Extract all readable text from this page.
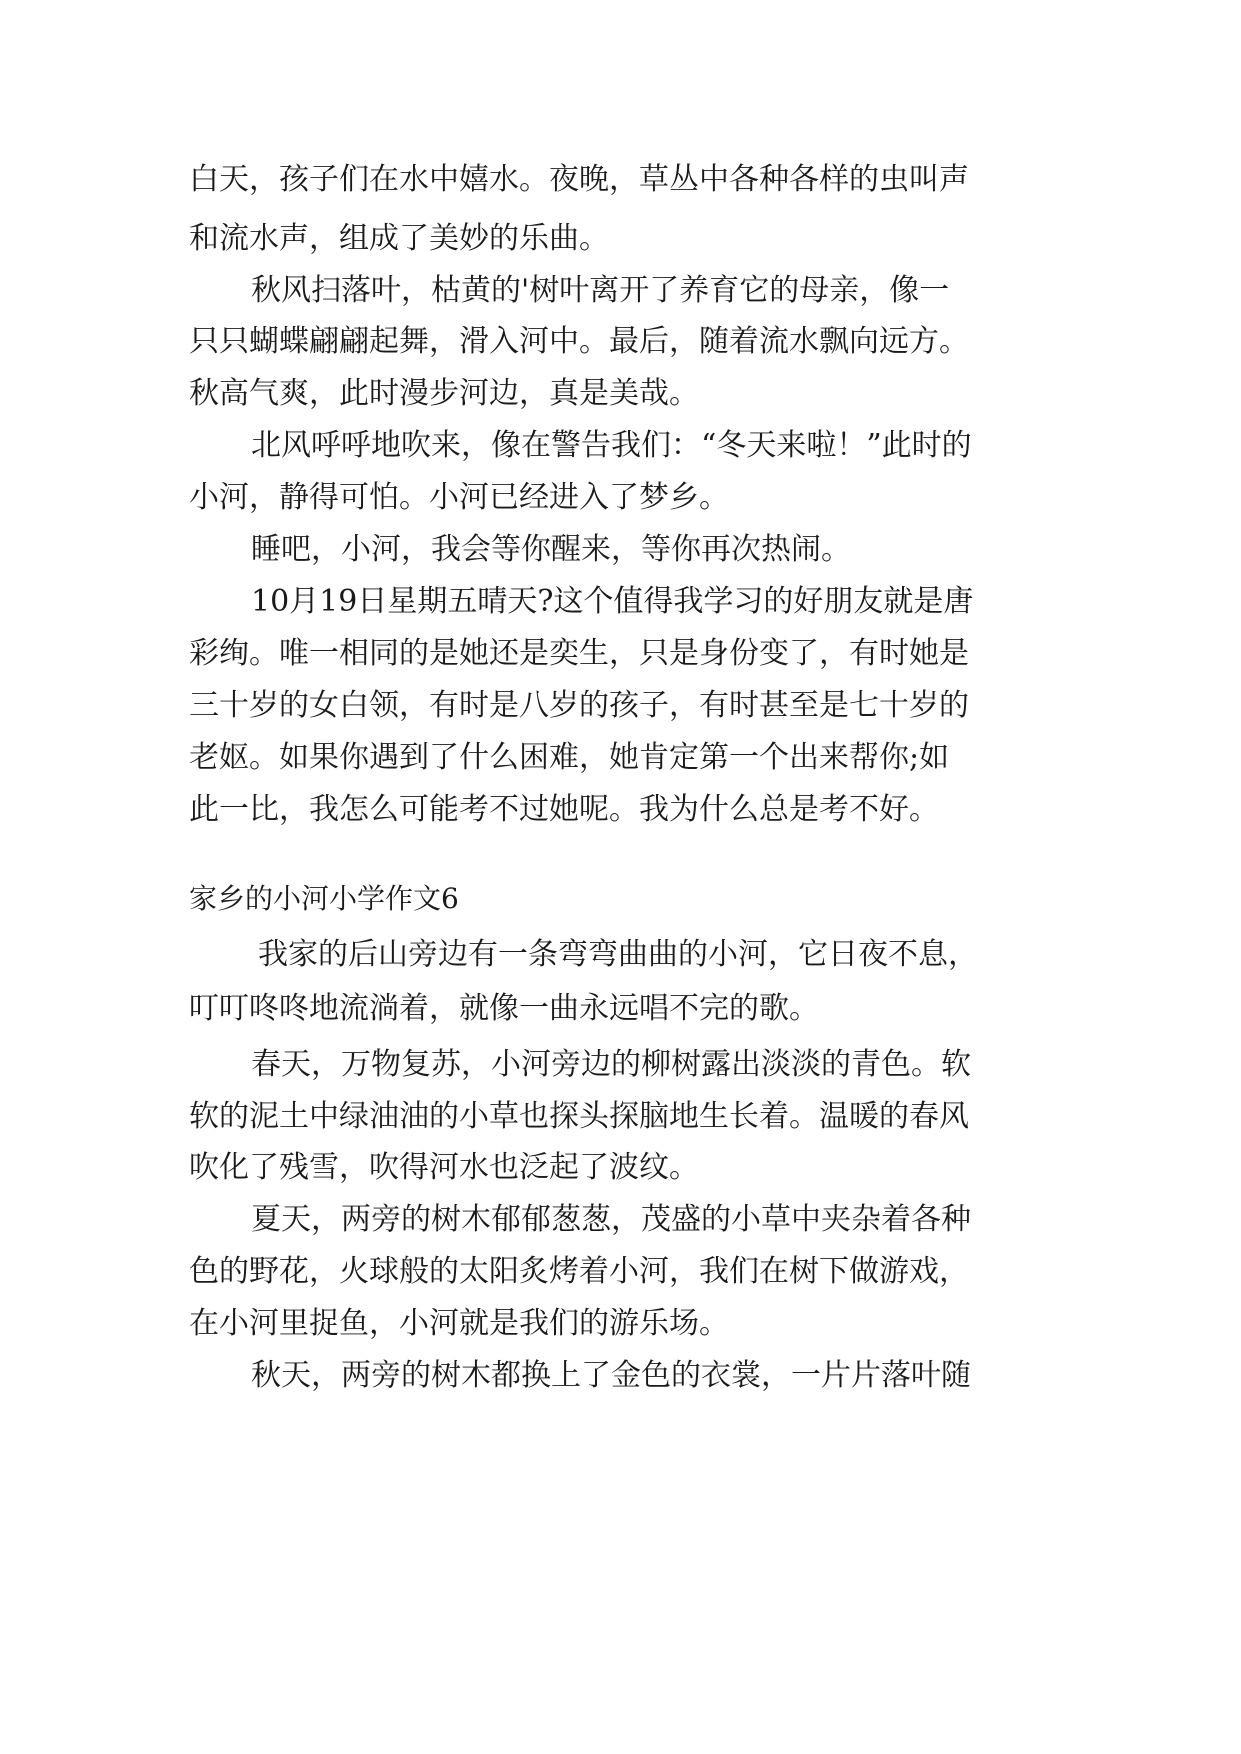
白天，孩子们在水中嬉水。夜晚，草丛中各种各样的虫叫声
和流水声，组成了美妙的乐曲。
秋风扫落叶，枯黄的'树叶离开了养育它的母亲，像一
只只蝴蝶翩翩起舞，滑入河中。最后，随着流水飘向远方。
秋高气爽，此时漫步河边，真是美哉。
北风呼呼地吹来，像在警告我们：“冬天来啦！”此时的
小河，静得可怕。小河已经进入了梦乡。
睡吧，小河，我会等你醒来，等你再次热闹。
10月19日星期五晴天?这个值得我学习的好朋友就是唐
彩绚。唯一相同的是她还是奕生，只是身份变了，有时她是
三十岁的女白领，有时是八岁的孩子，有时甚至是七十岁的
老妪。如果你遇到了什么困难，她肯定第一个出来帮你;如
此一比，我怎么可能考不过她呢。我为什么总是考不好。
家乡的小河小学作文6
我家的后山旁边有一条弯弯曲曲的小河，它日夜不息，
叮叮咚咚地流淌着，就像一曲永远唱不完的歌。
春天，万物复苏，小河旁边的柳树露出淡淡的青色。软
软的泥土中绿油油的小草也探头探脑地生长着。温暖的春风
吹化了残雪，吹得河水也泛起了波纹。
夏天，两旁的树木郁郁葱葱，茂盛的小草中夹杂着各种
色的野花，火球般的太阳炙烤着小河，我们在树下做游戏，
在小河里捉鱼，小河就是我们的游乐场。
秋天，两旁的树木都换上了金色的衣裳，一片片落叶随
